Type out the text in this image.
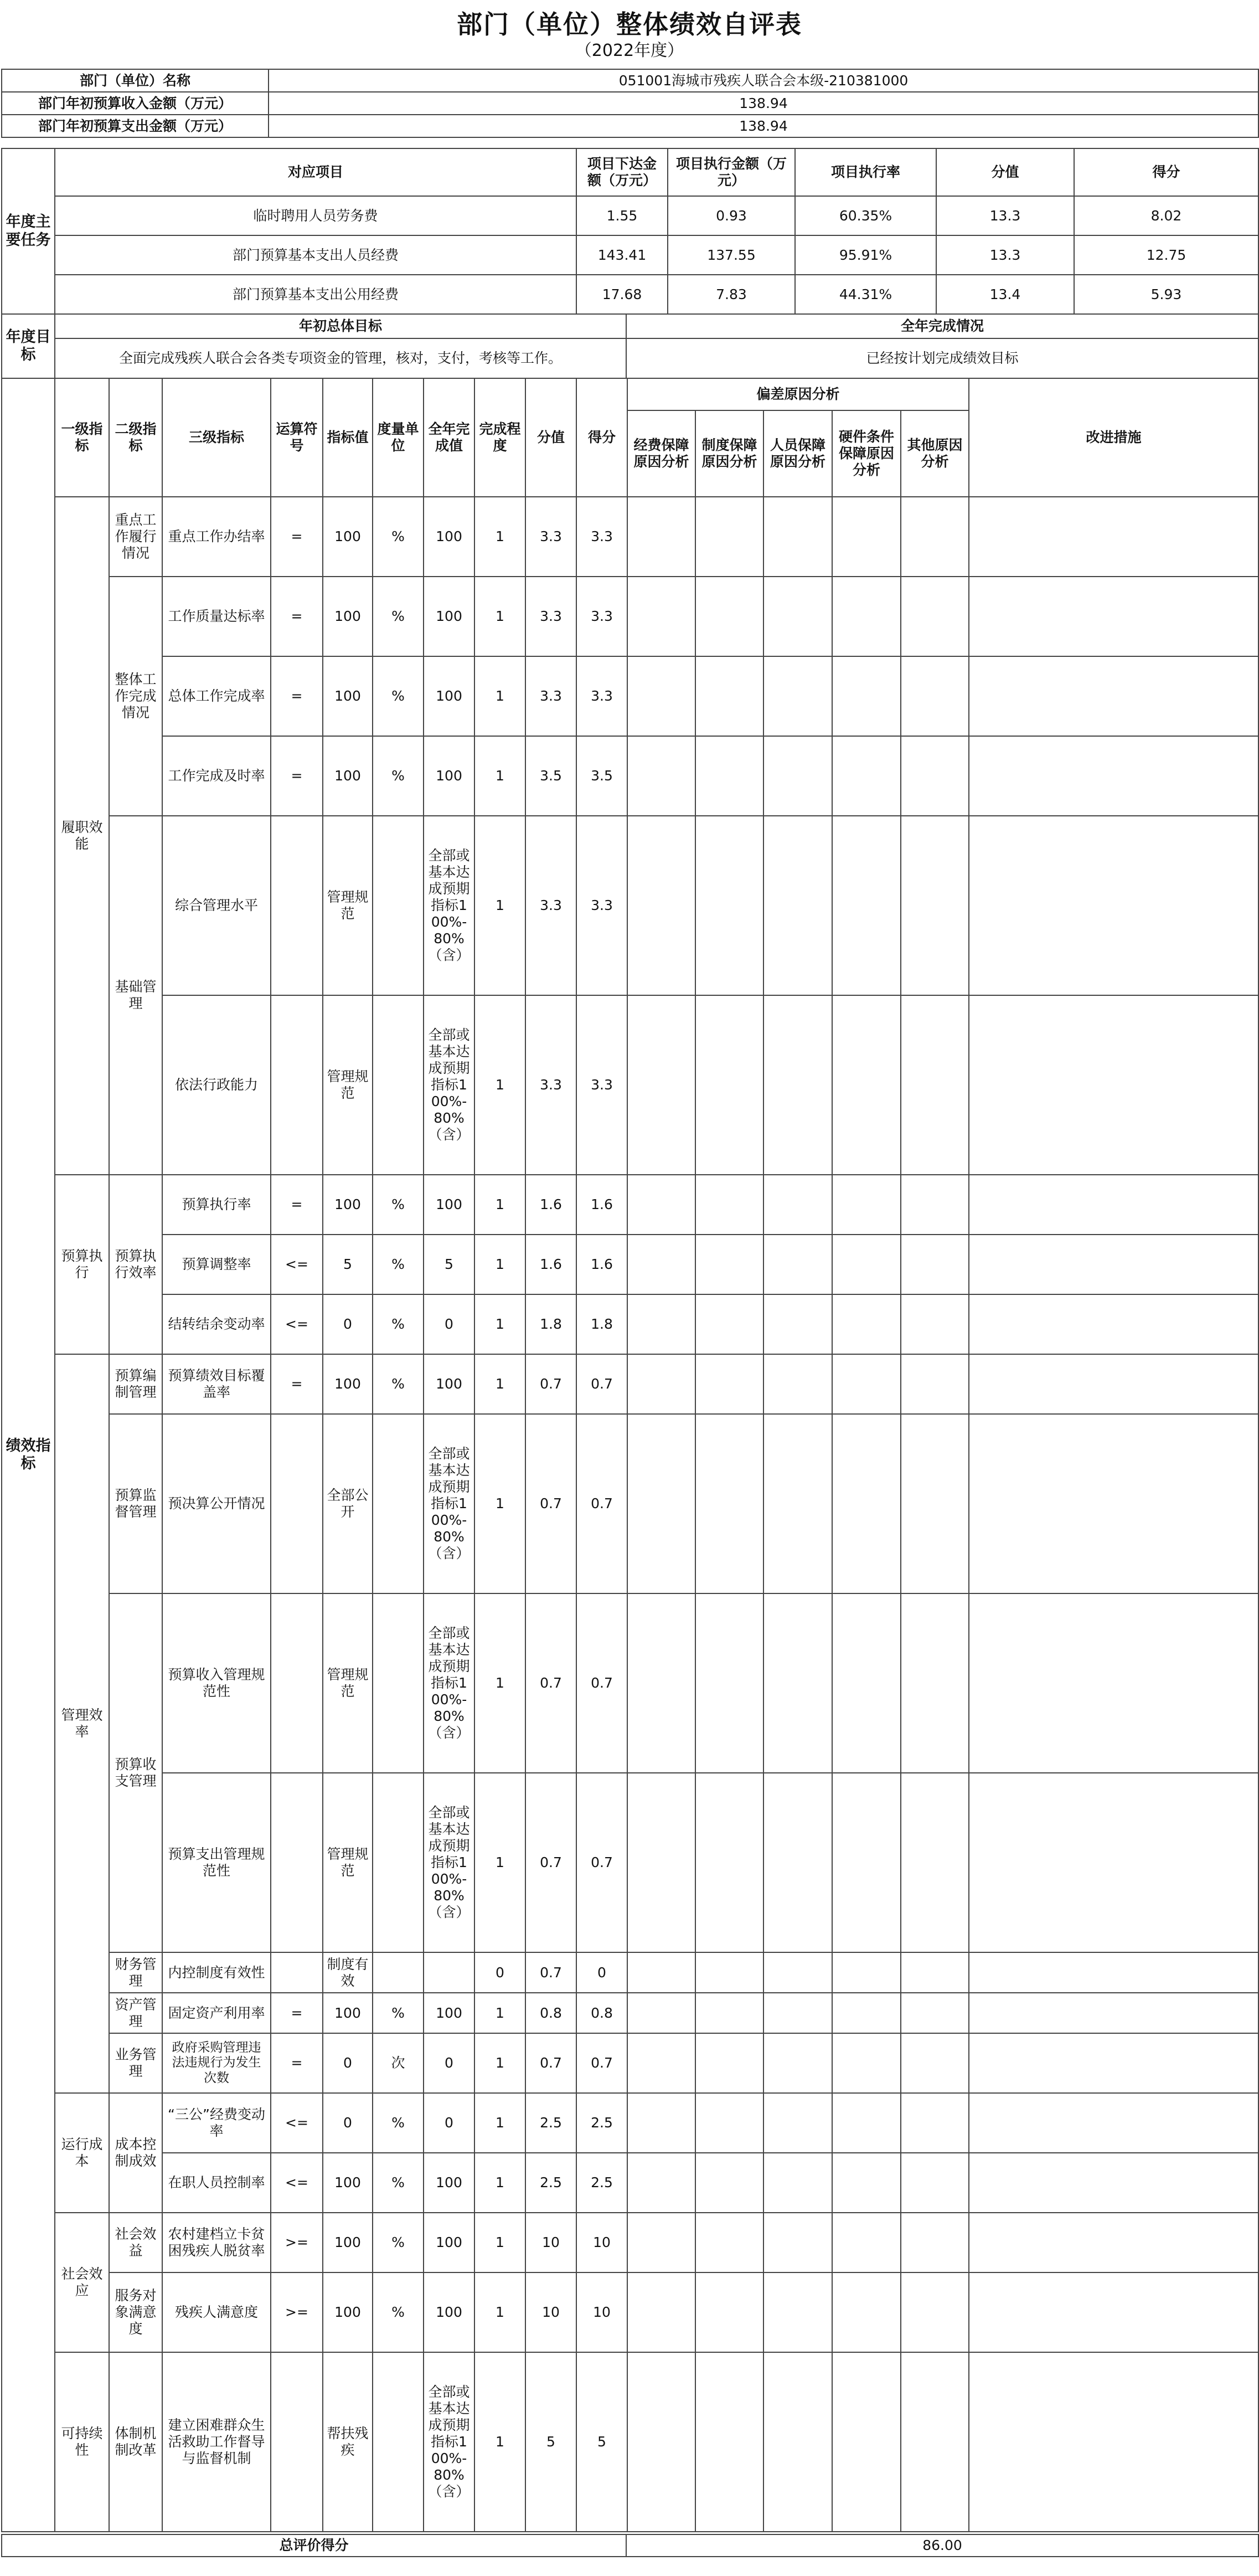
部门（单位）整体绩效自评表
（2022年度）
部门（单位）名称	051001海城市残疾人联合会本级-210381000
部门年初预算收入金额（万元）	138.94
部门年初预算支出金额（万元）	138.94
年度主要任务	对应项目	项目下达金额（万元）	项目执行金额（万元）	项目执行率	分值	得分
	临时聘用人员劳务费	1.55	0.93	60.35%	13.3	8.02
	部门预算基本支出人员经费	143.41	137.55	95.91%	13.3	12.75
	部门预算基本支出公用经费	17.68	7.83	44.31%	13.4	5.93
年度目标	年初总体目标	全年完成情况
	全面完成残疾人联合会各类专项资金的管理，核对，支付，考核等工作。	已经按计划完成绩效目标
绩效指标	一级指标	二级指标	三级指标	运算符号	指标值	度量单位	全年完成值	完成程度	分值	得分	偏差原因分析					改进措施
											经费保障原因分析	制度保障原因分析	人员保障原因分析	硬件条件保障原因分析	其他原因分析	
	履职效能	重点工作履行情况	重点工作办结率	=	100	%	100	1	3.3	3.3						

		整体工作完成情况	工作质量达标率	=	100	%	100	1	3.3	3.3						
			总体工作完成率	=	100	%	100	1	3.3	3.3						
			工作完成及时率	=	100	%	100	1	3.5	3.5						
		基础管理	综合管理水平		管理规范		全部或基本达成预期指标100%-80%（含）	1	3.3	3.3						
			依法行政能力		管理规范		全部或基本达成预期指标100%-80%（含）	1	3.3	3.3						

	预算执行	预算执行效率	预算执行率	=	100	%	100	1	1.6	1.6						
			预算调整率	<=	5	%	5	1	1.6	1.6						
			结转结余变动率	<=	0	%	0	1	1.8	1.8						
	管理效率	预算编制管理	预算绩效目标覆盖率	=	100	%	100	1	0.7	0.7						
		预算监督管理	预决算公开情况		全部公开		全部或基本达成预期指标100%-80%（含）	1	0.7	0.7						
		预算收支管理	预算收入管理规范性		管理规范		全部或基本达成预期指标100%-80%（含）	1	0.7	0.7						
			预算支出管理规范性		管理规范		全部或基本达成预期指标100%-80%（含）	1	0.7	0.7						
		财务管理	内控制度有效性		制度有效			0	0.7	0						
		资产管理	固定资产利用率	=	100	%	100	1	0.8	0.8						
		业务管理	政府采购管理违法违规行为发生次数	=	0	次	0	1	0.7	0.7						
	运行成本	成本控制成效	“三公”经费变动率	<=	0	%	0	1	2.5	2.5						
			在职人员控制率	<=	100	%	100	1	2.5	2.5						
	社会效应	社会效益	农村建档立卡贫困残疾人脱贫率	>=	100	%	100	1	10	10						
		服务对象满意度	残疾人满意度	>=	100	%	100	1	10	10						
	可持续性	体制机制改革	建立困难群众生活救助工作督导与监督机制		帮扶残疾		全部或基本达成预期指标100%-80%（含）	1	5	5						
总评价得分	86.00
